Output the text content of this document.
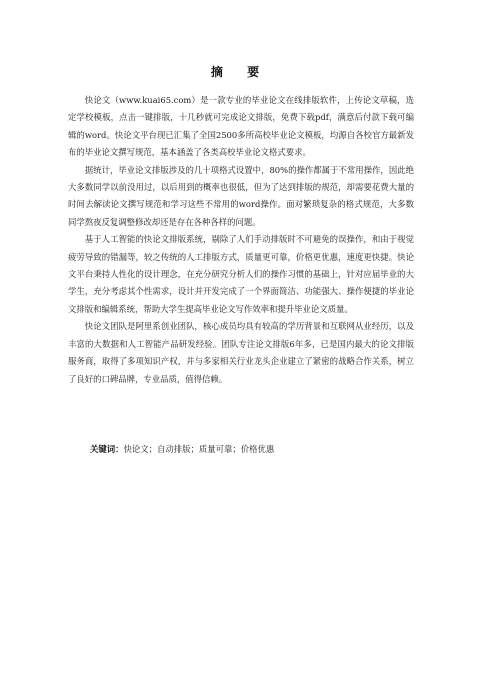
摘 要

快论文（www.kuai65.com）是一款专业的毕业论文在线排版软件，上传论文草稿，选定学校模板，点击一键排版，十几秒就可完成论文排版，免费下载pdf，满意后付款下载可编辑的word。快论文平台现已汇集了全国2500多所高校毕业论文模板，均源自各校官方最新发布的毕业论文撰写规范，基本涵盖了各类高校毕业论文格式要求。

据统计，毕业论文排版涉及的几十项格式设置中，80%的操作都属于不常用操作，因此绝大多数同学以前没用过，以后用到的概率也很低，但为了达到排版的规范，却需要花费大量的时间去解读论文撰写规范和学习这些不常用的word操作。面对繁琐复杂的格式规范，大多数同学熬夜反复调整修改却还是存在各种各样的问题。

基于人工智能的快论文排版系统，剔除了人们手动排版时不可避免的误操作，和由于视觉疲劳导致的错漏等，较之传统的人工排版方式，质量更可靠，价格更优惠，速度更快捷。快论文平台秉持人性化的设计理念，在充分研究分析人们的操作习惯的基础上，针对应届毕业的大学生，充分考虑其个性需求，设计并开发完成了一个界面简洁、功能强大、操作便捷的毕业论文排版和编辑系统，帮助大学生提高毕业论文写作效率和提升毕业论文质量。

快论文团队是阿里系创业团队，核心成员均具有较高的学历背景和互联网从业经历，以及丰富的大数据和人工智能产品研发经验。团队专注论文排版6年多，已是国内最大的论文排版服务商，取得了多项知识产权，并与多家相关行业龙头企业建立了紧密的战略合作关系，树立了良好的口碑品牌，专业品质，值得信赖。

关键词：快论文；自动排版；质量可靠；价格优惠
